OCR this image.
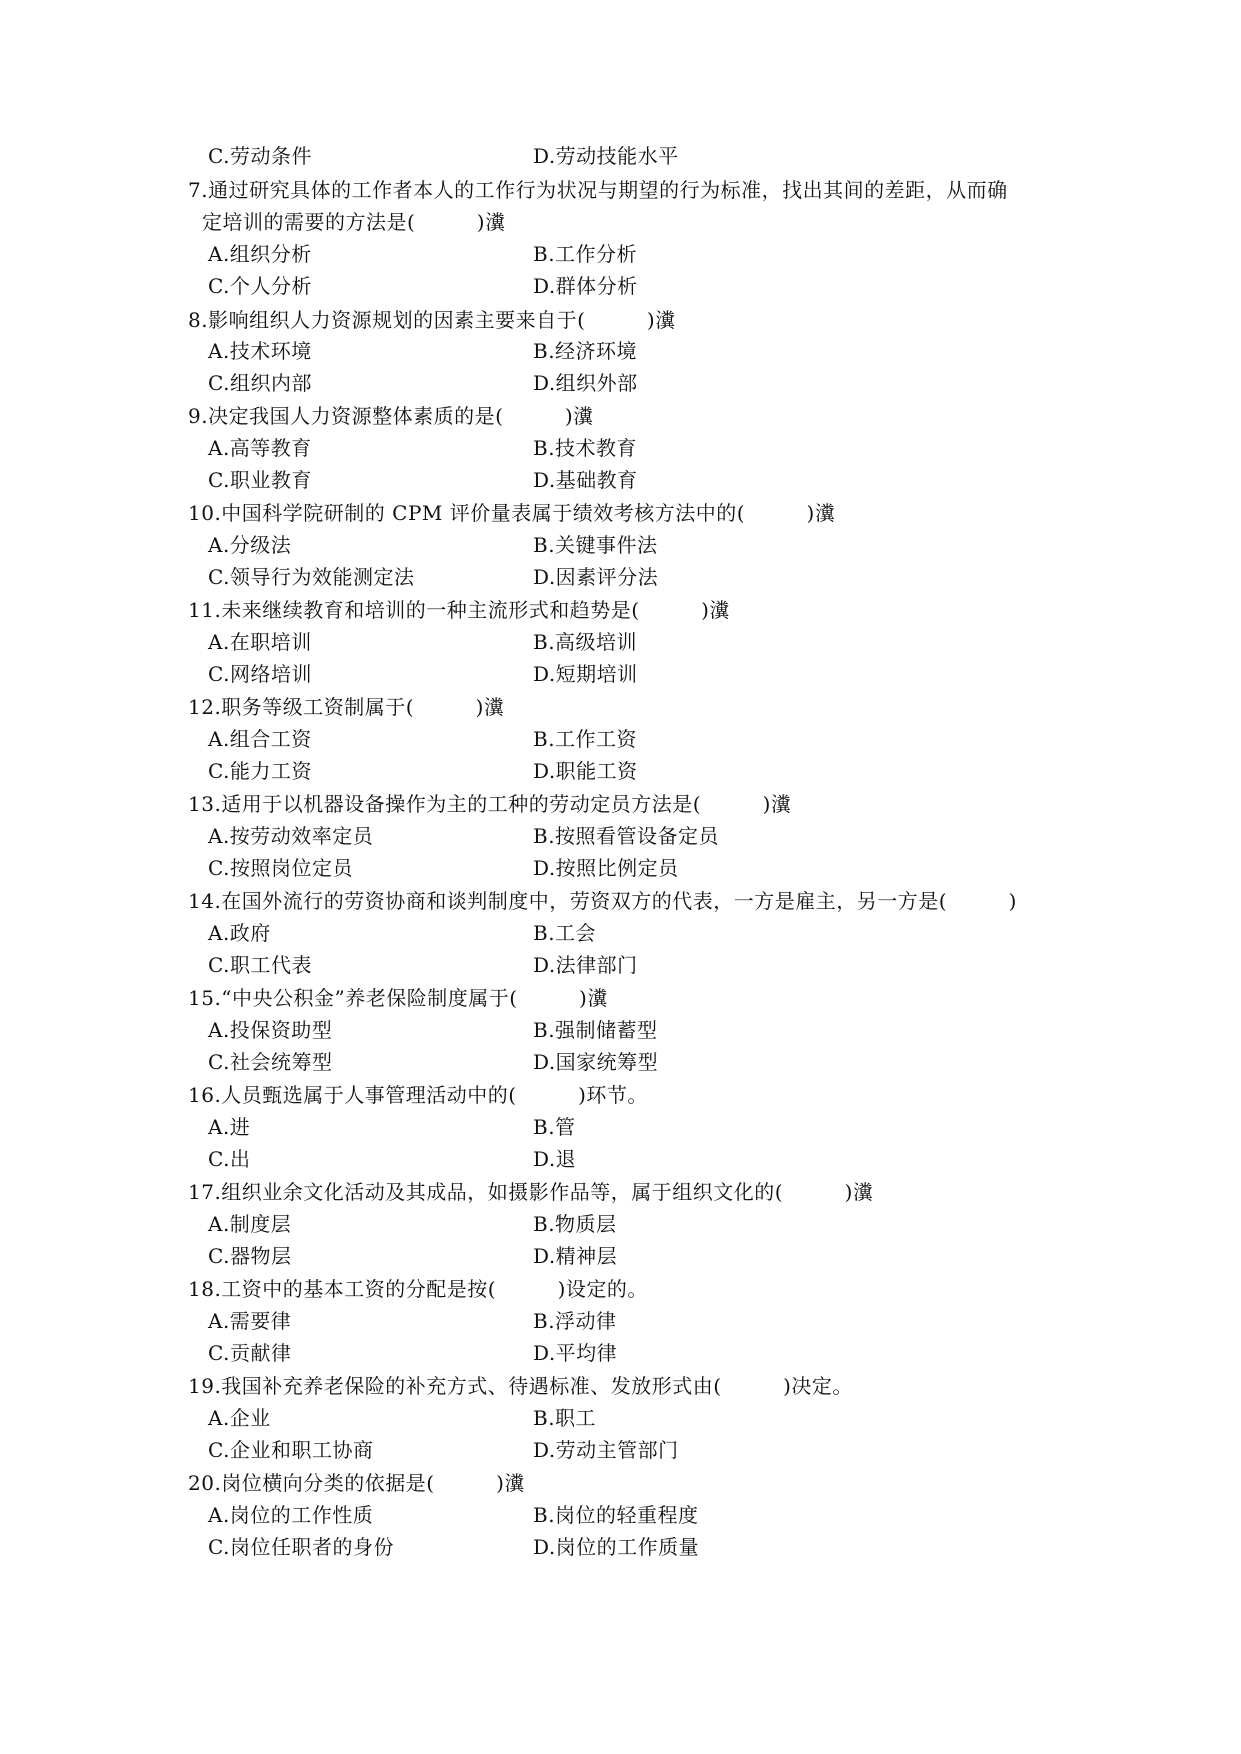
C.劳动条件	D.劳动技能水平
7.通过研究具体的工作者本人的工作行为状况与期望的行为标准，找出其间的差距，从而确
定培训的需要的方法是(　　　)瀵
A.组织分析	B.工作分析
C.个人分析	D.群体分析
8.影响组织人力资源规划的因素主要来自于(　　　)瀵
A.技术环境	B.经济环境
C.组织内部	D.组织外部
9.决定我国人力资源整体素质的是(　　　)瀵
A.高等教育	B.技术教育
C.职业教育	D.基础教育
10.中国科学院研制的 CPM 评价量表属于绩效考核方法中的(　　　)瀵
A.分级法	B.关键事件法
C.领导行为效能测定法	D.因素评分法
11.未来继续教育和培训的一种主流形式和趋势是(　　　)瀵
A.在职培训	B.高级培训
C.网络培训	D.短期培训
12.职务等级工资制属于(　　　)瀵
A.组合工资	B.工作工资
C.能力工资	D.职能工资
13.适用于以机器设备操作为主的工种的劳动定员方法是(　　　)瀵
A.按劳动效率定员	B.按照看管设备定员
C.按照岗位定员	D.按照比例定员
14.在国外流行的劳资协商和谈判制度中，劳资双方的代表，一方是雇主，另一方是(　　　)
A.政府	B.工会
C.职工代表	D.法律部门
15.“中央公积金”养老保险制度属于(　　　)瀵
A.投保资助型	B.强制储蓄型
C.社会统筹型	D.国家统筹型
16.人员甄选属于人事管理活动中的(　　　)环节。
A.进	B.管
C.出	D.退
17.组织业余文化活动及其成品，如摄影作品等，属于组织文化的(　　　)瀵
A.制度层	B.物质层
C.器物层	D.精神层
18.工资中的基本工资的分配是按(　　　)设定的。
A.需要律	B.浮动律
C.贡献律	D.平均律
19.我国补充养老保险的补充方式、待遇标准、发放形式由(　　　)决定。
A.企业	B.职工
C.企业和职工协商	D.劳动主管部门
20.岗位横向分类的依据是(　　　)瀵
A.岗位的工作性质	B.岗位的轻重程度
C.岗位任职者的身份	D.岗位的工作质量
